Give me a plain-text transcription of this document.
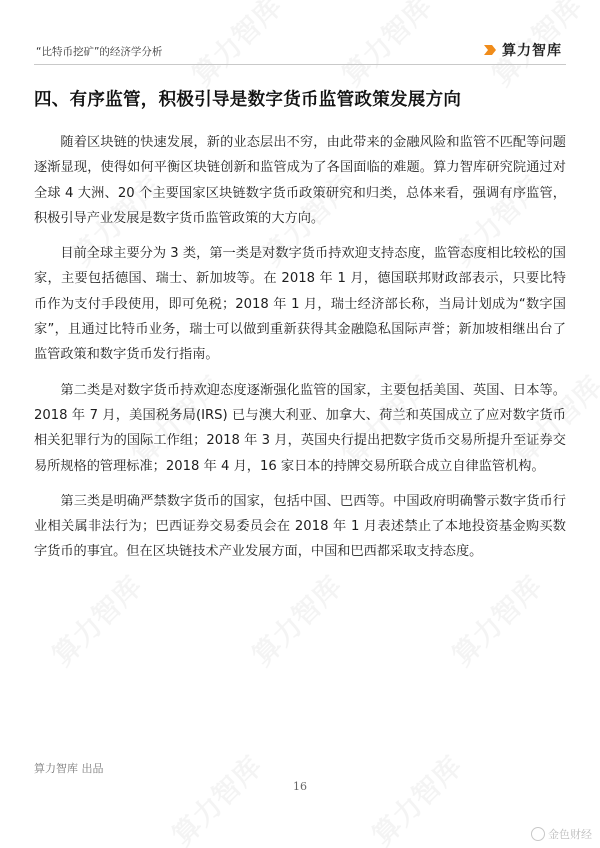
“比特币挖矿”的经济学分析	算力智库
四、有序监管，积极引导是数字货币监管政策发展方向

随着区块链的快速发展，新的业态层出不穷，由此带来的金融风险和监管不匹配等问题逐渐显现，使得如何平衡区块链创新和监管成为了各国面临的难题。算力智库研究院通过对全球 4 大洲、20 个主要国家区块链数字货币政策研究和归类，总体来看，强调有序监管，积极引导产业发展是数字货币监管政策的大方向。

目前全球主要分为 3 类，第一类是对数字货币持欢迎支持态度，监管态度相比较松的国家，主要包括德国、瑞士、新加坡等。在 2018 年 1 月，德国联邦财政部表示，只要比特币作为支付手段使用，即可免税；2018 年 1 月，瑞士经济部长称，当局计划成为“数字国家”，且通过比特币业务，瑞士可以做到重新获得其金融隐私国际声誉；新加坡相继出台了监管政策和数字货币发行指南。

第二类是对数字货币持欢迎态度逐渐强化监管的国家，主要包括美国、英国、日本等。2018 年 7 月，美国税务局(IRS) 已与澳大利亚、加拿大、荷兰和英国成立了应对数字货币相关犯罪行为的国际工作组；2018 年 3 月，英国央行提出把数字货币交易所提升至证券交易所规格的管理标准；2018 年 4 月，16 家日本的持牌交易所联合成立自律监管机构。

第三类是明确严禁数字货币的国家，包括中国、巴西等。中国政府明确警示数字货币行业相关属非法行为；巴西证券交易委员会在 2018 年 1 月表述禁止了本地投资基金购买数字货币的事宜。但在区块链技术产业发展方面，中国和巴西都采取支持态度。

算力智库 出品
16
金色财经
